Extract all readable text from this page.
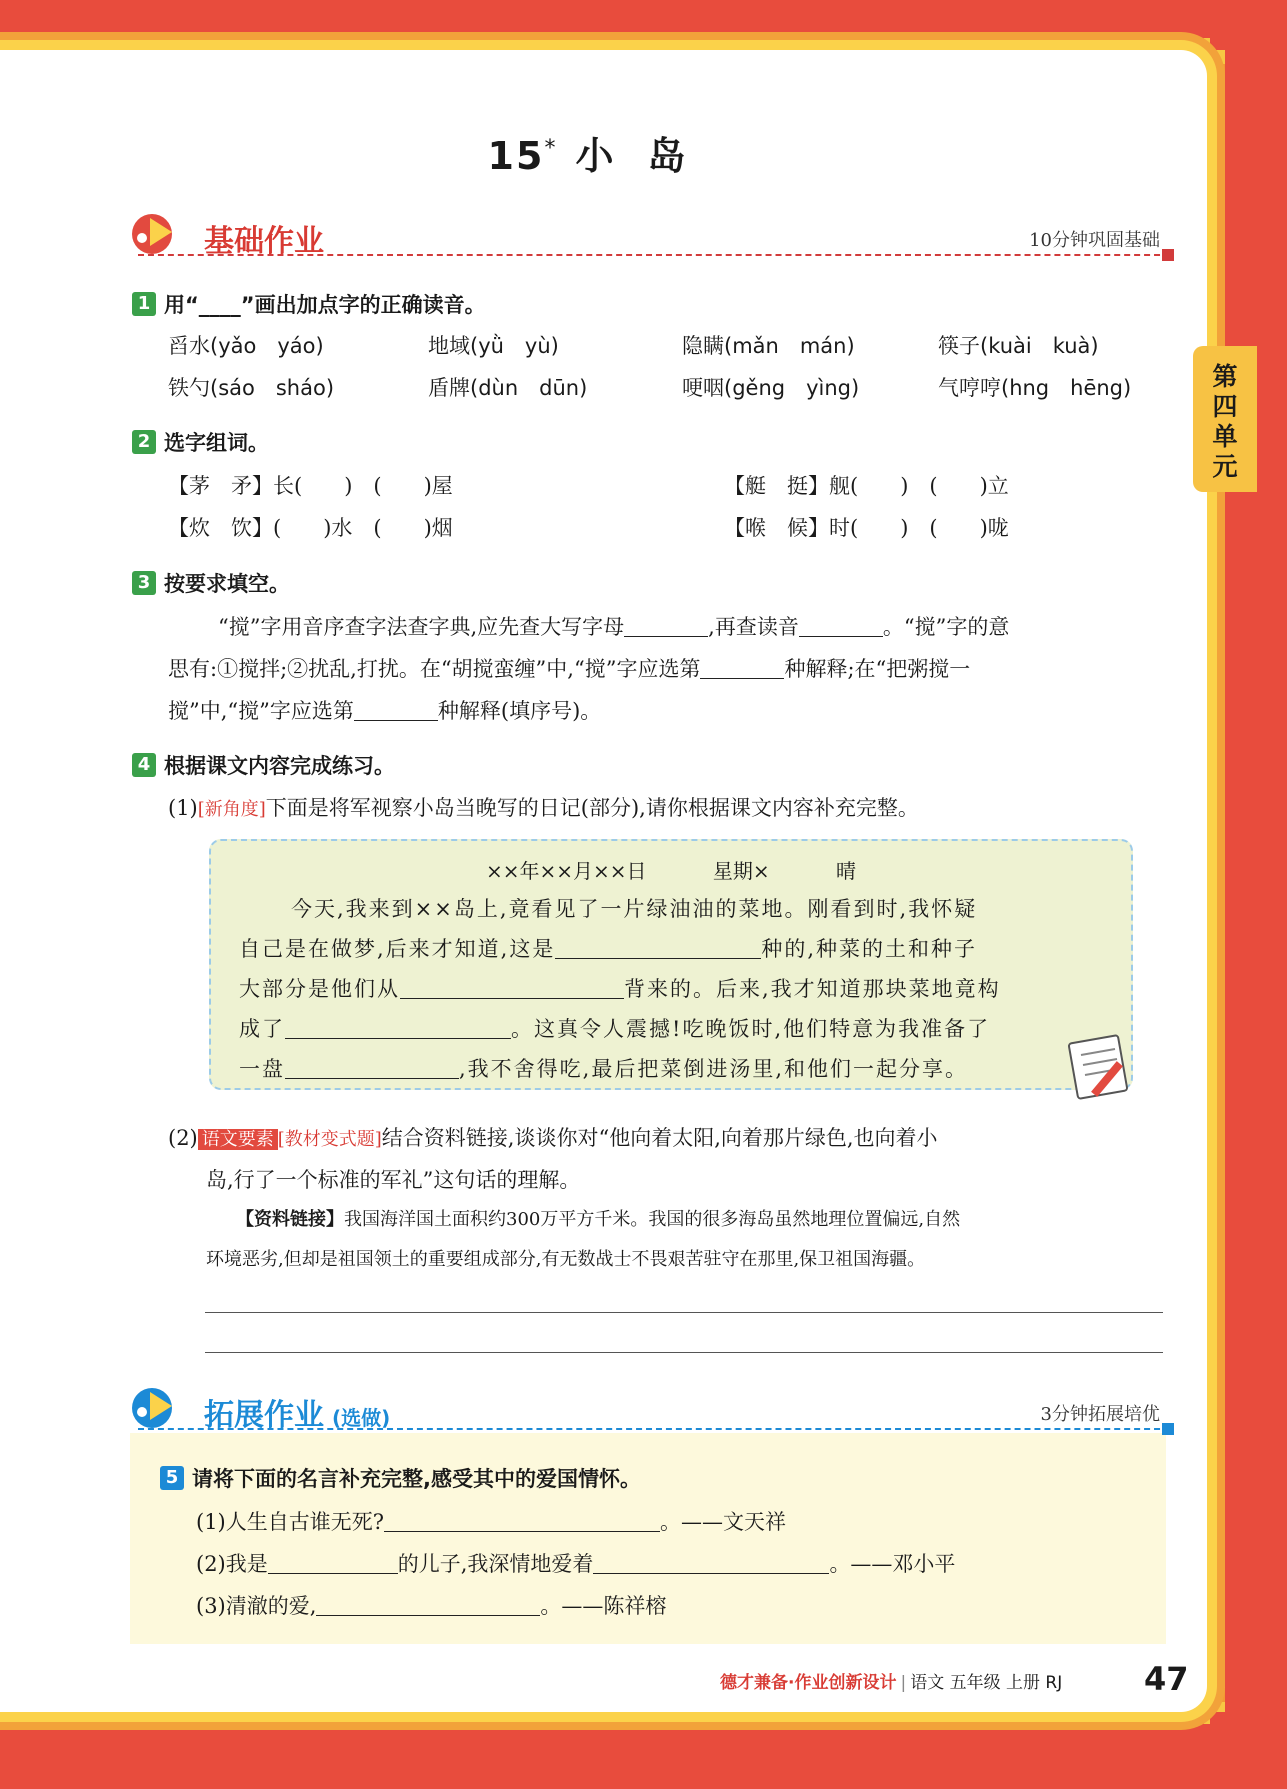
15* 小岛
第
四
单
元
基础作业	10分钟巩固基础
1 用“____”画出加点字的正确读音。
舀水(yǎo　yáo)	地域(yǜ　yù)	隐瞒(mǎn　mán)	筷子(kuài　kuà)
铁勺(sáo　sháo)	盾牌(dùn　dūn)	哽咽(gěng　yìng)	气哼哼(hng　hēng)
2 选字组词。
【茅　矛】长(　　)　(　　)屋	【艇　挺】舰(　　)　(　　)立
【炊　饮】(　　)水　(　　)烟	【喉　候】时(　　)　(　　)咙
3 按要求填空。
“搅”字用音序查字法查字典,应先查大写字母	,再查读音	。“搅”字的意
思有:①搅拌;②扰乱,打扰。在“胡搅蛮缠”中,“搅”字应选第	种解释;在“把粥搅一
搅”中,“搅”字应选第	种解释(填序号)。
4 根据课文内容完成练习。
(1)[新角度]下面是将军视察小岛当晚写的日记(部分),请你根据课文内容补充完整。
××年××月××日 星期× 晴
今天,我来到××岛上,竟看见了一片绿油油的菜地。刚看到时,我怀疑
自己是在做梦,后来才知道,这是	种的,种菜的土和种子
大部分是他们从	背来的。后来,我才知道那块菜地竟构
成了	。这真令人震撼!吃晚饭时,他们特意为我准备了
一盘	,我不舍得吃,最后把菜倒进汤里,和他们一起分享。
(2) 语文要素 [教材变式题]结合资料链接,谈谈你对“他向着太阳,向着那片绿色,也向着小
岛,行了一个标准的军礼”这句话的理解。
【资料链接】我国海洋国土面积约300万平方千米。我国的很多海岛虽然地理位置偏远,自然
环境恶劣,但却是祖国领土的重要组成部分,有无数战士不畏艰苦驻守在那里,保卫祖国海疆。
拓展作业 (选做)	3分钟拓展培优
5 请将下面的名言补充完整,感受其中的爱国情怀。
(1)人生自古谁无死?	。——文天祥
(2)我是	的儿子,我深情地爱着	。——邓小平
(3)清澈的爱,	。——陈祥榕
德才兼备·作业创新设计 | 语文 五年级 上册 RJ	47
